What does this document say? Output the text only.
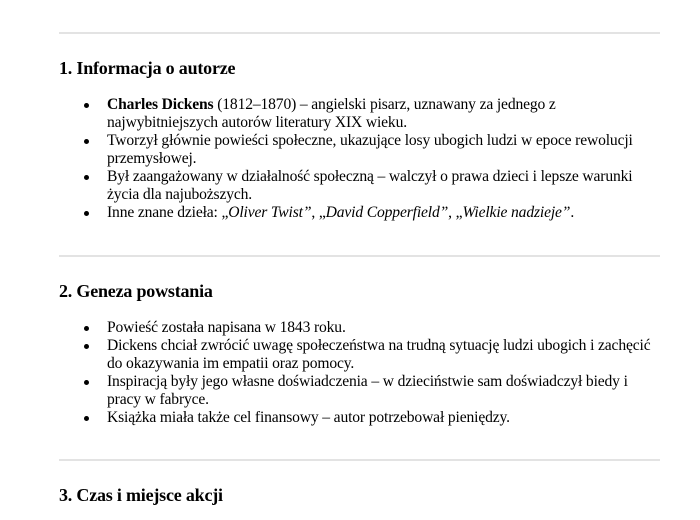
1. Informacja o autorze
Charles Dickens (1812–1870) – angielski pisarz, uznawany za jednego z najwybitniejszych autorów literatury XIX wieku.
Tworzył głównie powieści społeczne, ukazujące losy ubogich ludzi w epoce rewolucji przemysłowej.
Był zaangażowany w działalność społeczną – walczył o prawa dzieci i lepsze warunki życia dla najuboższych.
Inne znane dzieła: „Oliver Twist”, „David Copperfield”, „Wielkie nadzieje”.
2. Geneza powstania
Powieść została napisana w 1843 roku.
Dickens chciał zwrócić uwagę społeczeństwa na trudną sytuację ludzi ubogich i zachęcić do okazywania im empatii oraz pomocy.
Inspiracją były jego własne doświadczenia – w dzieciństwie sam doświadczył biedy i pracy w fabryce.
Książka miała także cel finansowy – autor potrzebował pieniędzy.
3. Czas i miejsce akcji
